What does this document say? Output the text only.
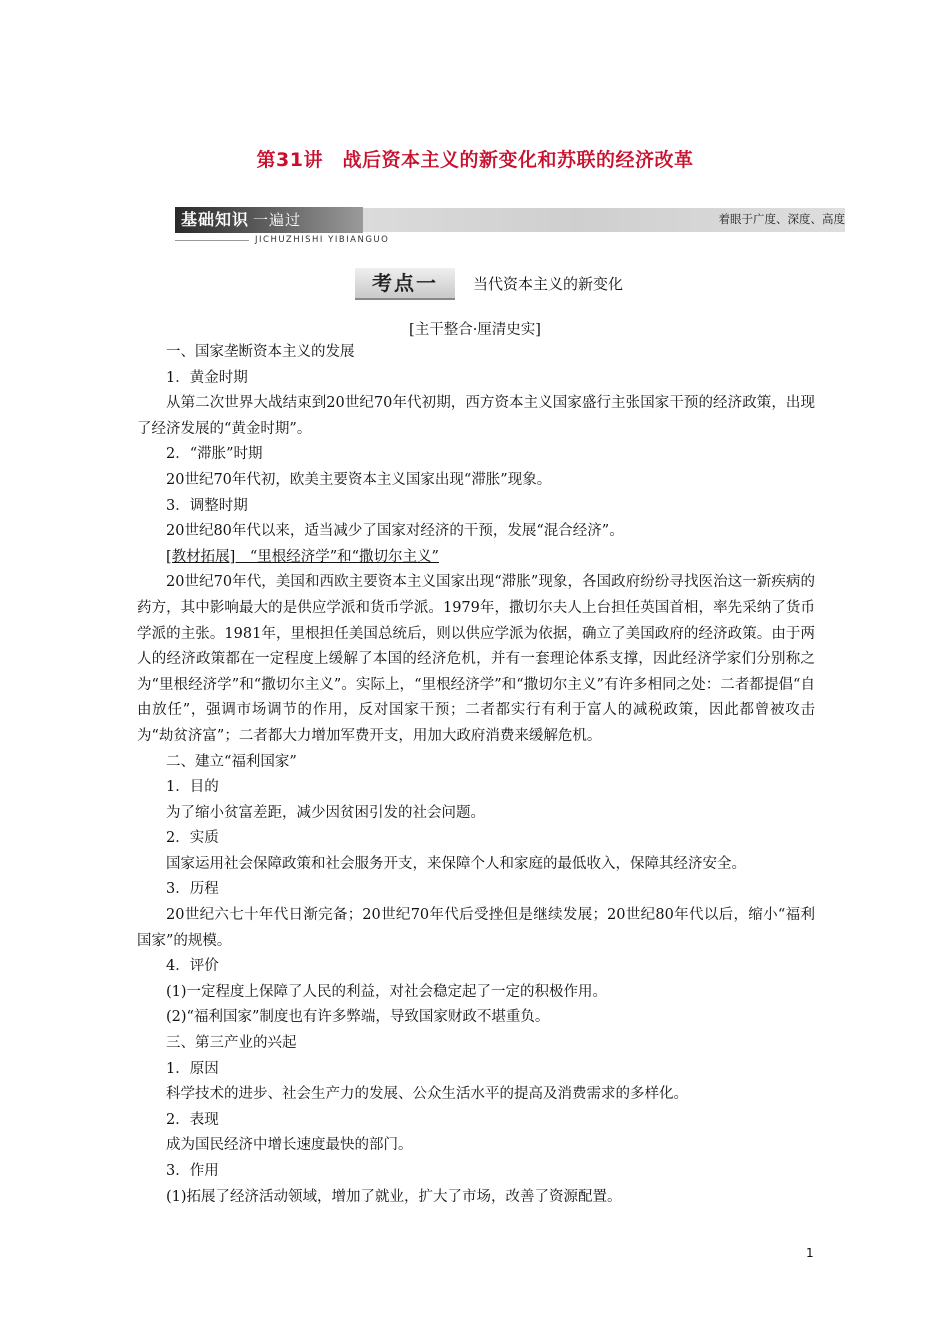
第31讲　战后资本主义的新变化和苏联的经济改革
基础知识 一遍过	着眼于广度、深度、高度
JICHUZHISHI YIBIANGUO
考点一	当代资本主义的新变化
[主干整合·厘清史实]

一、国家垄断资本主义的发展

1．黄金时期

从第二次世界大战结束到20世纪70年代初期，西方资本主义国家盛行主张国家干预的经济政策，出现了经济发展的“黄金时期”。

2．“滞胀”时期

20世纪70年代初，欧美主要资本主义国家出现“滞胀”现象。

3．调整时期

20世纪80年代以来，适当减少了国家对经济的干预，发展“混合经济”。

[教材拓展]　“里根经济学”和“撒切尔主义”

20世纪70年代，美国和西欧主要资本主义国家出现“滞胀”现象，各国政府纷纷寻找医治这一新疾病的药方，其中影响最大的是供应学派和货币学派。1979年，撒切尔夫人上台担任英国首相，率先采纳了货币学派的主张。1981年，里根担任美国总统后，则以供应学派为依据，确立了美国政府的经济政策。由于两人的经济政策都在一定程度上缓解了本国的经济危机，并有一套理论体系支撑，因此经济学家们分别称之为“里根经济学”和“撒切尔主义”。实际上，“里根经济学”和“撒切尔主义”有许多相同之处：二者都提倡“自由放任”，强调市场调节的作用，反对国家干预；二者都实行有利于富人的减税政策，因此都曾被攻击为“劫贫济富”；二者都大力增加军费开支，用加大政府消费来缓解危机。

二、建立“福利国家”

1．目的

为了缩小贫富差距，减少因贫困引发的社会问题。

2．实质

国家运用社会保障政策和社会服务开支，来保障个人和家庭的最低收入，保障其经济安全。

3．历程

20世纪六七十年代日渐完备；20世纪70年代后受挫但是继续发展；20世纪80年代以后，缩小“福利国家”的规模。

4．评价

(1)一定程度上保障了人民的利益，对社会稳定起了一定的积极作用。

(2)“福利国家”制度也有许多弊端，导致国家财政不堪重负。

三、第三产业的兴起

1．原因

科学技术的进步、社会生产力的发展、公众生活水平的提高及消费需求的多样化。

2．表现

成为国民经济中增长速度最快的部门。

3．作用

(1)拓展了经济活动领域，增加了就业，扩大了市场，改善了资源配置。

1
